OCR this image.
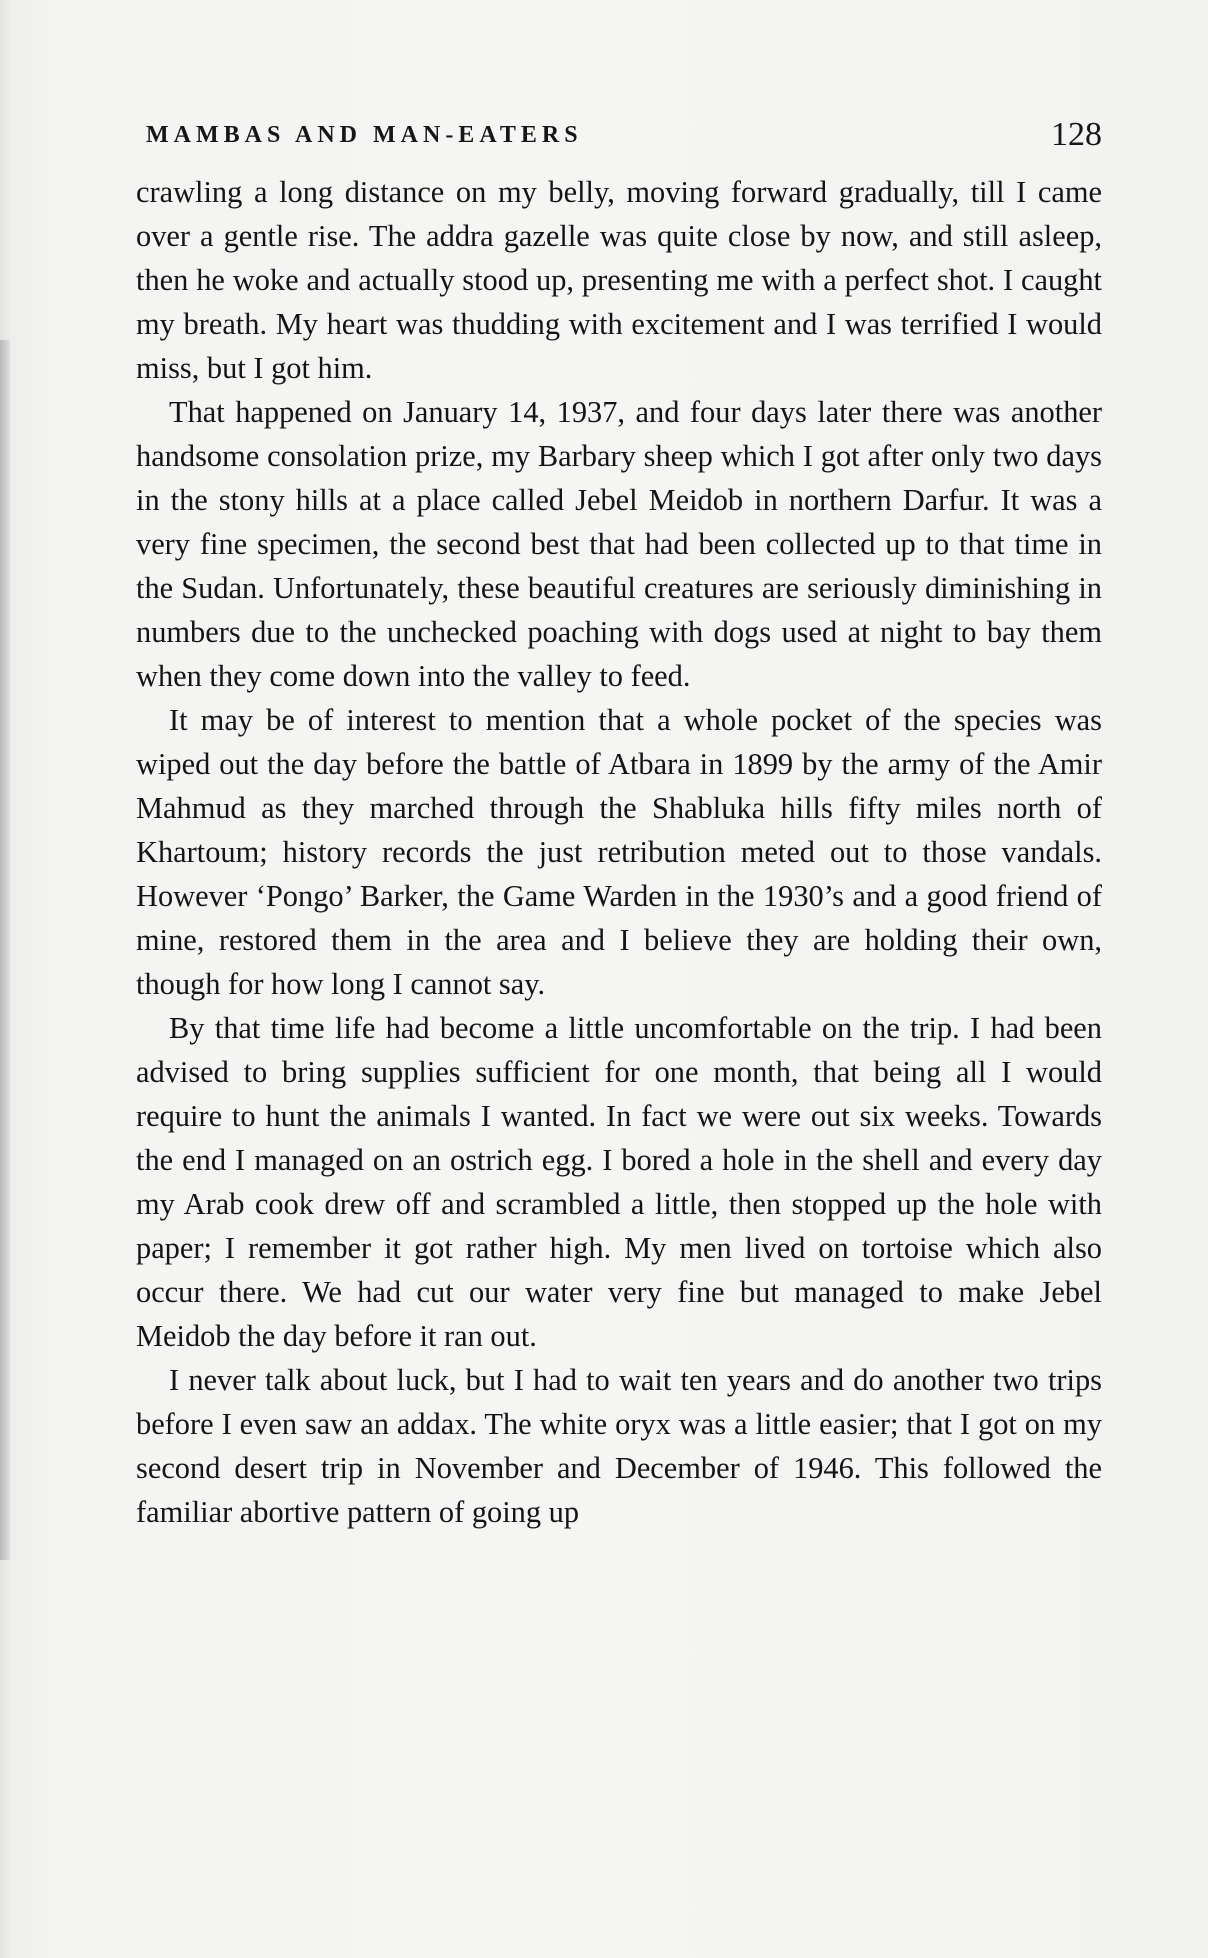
MAMBAS AND MAN-EATERS	128

crawling a long distance on my belly, moving forward gradually, till I came over a gentle rise. The addra gazelle was quite close by now, and still asleep, then he woke and actually stood up, presenting me with a perfect shot. I caught my breath. My heart was thudding with excitement and I was terrified I would miss, but I got him.

That happened on January 14, 1937, and four days later there was another handsome consolation prize, my Barbary sheep which I got after only two days in the stony hills at a place called Jebel Meidob in northern Darfur. It was a very fine specimen, the second best that had been collected up to that time in the Sudan. Unfortunately, these beautiful creatures are seriously diminishing in numbers due to the unchecked poaching with dogs used at night to bay them when they come down into the valley to feed.

It may be of interest to mention that a whole pocket of the species was wiped out the day before the battle of Atbara in 1899 by the army of the Amir Mahmud as they marched through the Shabluka hills fifty miles north of Khartoum; history records the just retribution meted out to those vandals. However ‘Pongo’ Barker, the Game Warden in the 1930’s and a good friend of mine, restored them in the area and I believe they are holding their own, though for how long I cannot say.

By that time life had become a little uncomfortable on the trip. I had been advised to bring supplies sufficient for one month, that being all I would require to hunt the animals I wanted. In fact we were out six weeks. Towards the end I managed on an ostrich egg. I bored a hole in the shell and every day my Arab cook drew off and scrambled a little, then stopped up the hole with paper; I remember it got rather high. My men lived on tortoise which also occur there. We had cut our water very fine but managed to make Jebel Meidob the day before it ran out.

I never talk about luck, but I had to wait ten years and do another two trips before I even saw an addax. The white oryx was a little easier; that I got on my second desert trip in November and December of 1946. This followed the familiar abortive pattern of going up
